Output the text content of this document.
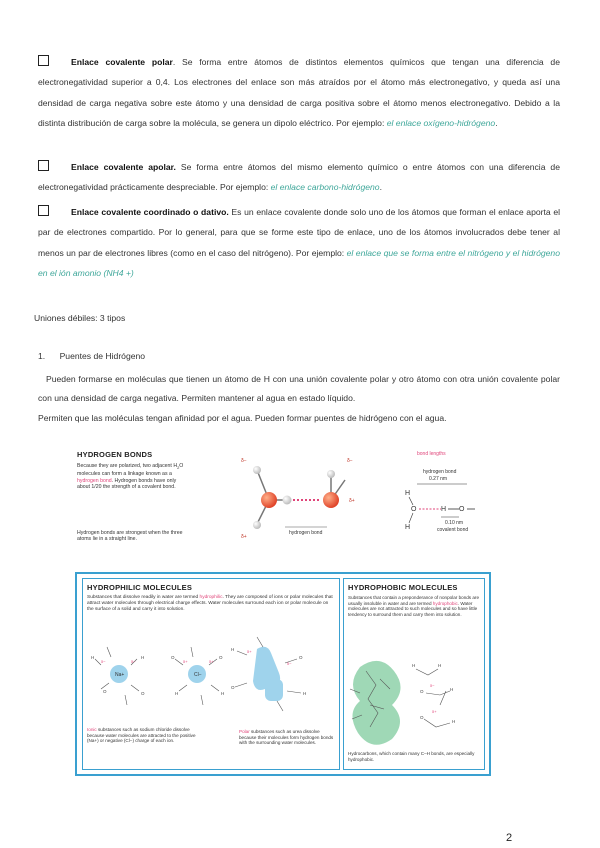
Enlace covalente polar. Se forma entre átomos de distintos elementos químicos que tengan una diferencia de electronegatividad superior a 0,4. Los electrones del enlace son más atraídos por el átomo más electronegativo, y queda así una densidad de carga negativa sobre este átomo y una densidad de carga positiva sobre el átomo menos electronegativo. Debido a la distinta distribución de carga sobre la molécula, se genera un dipolo eléctrico. Por ejemplo: el enlace oxígeno-hidrógeno.
Enlace covalente apolar. Se forma entre átomos del mismo elemento químico o entre átomos con una diferencia de electronegatividad prácticamente despreciable. Por ejemplo: el enlace carbono-hidrógeno.
Enlace covalente coordinado o dativo. Es un enlace covalente donde solo uno de los átomos que forman el enlace aporta el par de electrones compartido. Por lo general, para que se forme este tipo de enlace, uno de los átomos involucrados debe tener al menos un par de electrones libres (como en el caso del nitrógeno). Por ejemplo: el enlace que se forma entre el nitrógeno y el hidrógeno en el ión amonio (NH4 +)
Uniones débiles: 3 tipos
1. Puentes de Hidrógeno
Pueden formarse en moléculas que tienen un átomo de H con una unión covalente polar y otro átomo con otra unión covalente polar con una densidad de carga negativa. Permiten mantener al agua en estado líquido.
Permiten que las moléculas tengan afinidad por el agua. Pueden formar puentes de hidrógeno con el agua.
HYDROGEN BONDS
Because they are polarized, two adjacent $H_2O$ molecules can form a linkage known as a hydrogen bond. Hydrogen bonds have only about 1/20 the strength of a covalent bond.
Hydrogen bonds are strongest when the three atoms lie in a straight line.
δ−	δ−
δ+
δ+
hydrogen bond
bond lengths
hydrogen bond
0.27 nm
H
H
O	H O
0.10 nm
covalent bond
HYDROPHILIC MOLECULES
Substances that dissolve readily in water are termed hydrophilic. They are composed of ions or polar molecules that attract water molecules through electrical charge effects. Water molecules surround each ion or polar molecule on the surface of a solid and carry it into solution.
Na+	Cl−
δ−	δ−	δ+	δ+
δ+
δ−
H
O
H
O
O
H
O
H
H
O
O
H
Ionic substances such as sodium chloride dissolve because water molecules are attracted to the positive (Na+) or negative (Cl−) charge of each ion.
Polar substances such as urea dissolve because their molecules form hydrogen bonds with the surrounding water molecules.
HYDROPHOBIC MOLECULES
Substances that contain a preponderance of nonpolar bonds are usually insoluble in water and are termed hydrophobic. Water molecules are not attracted to such molecules and so have little tendency to surround them and carry them into solution.
H	H
O	H
O
H
δ−
δ+
Hydrocarbons, which contain many C–H bonds, are especially hydrophobic.
2
